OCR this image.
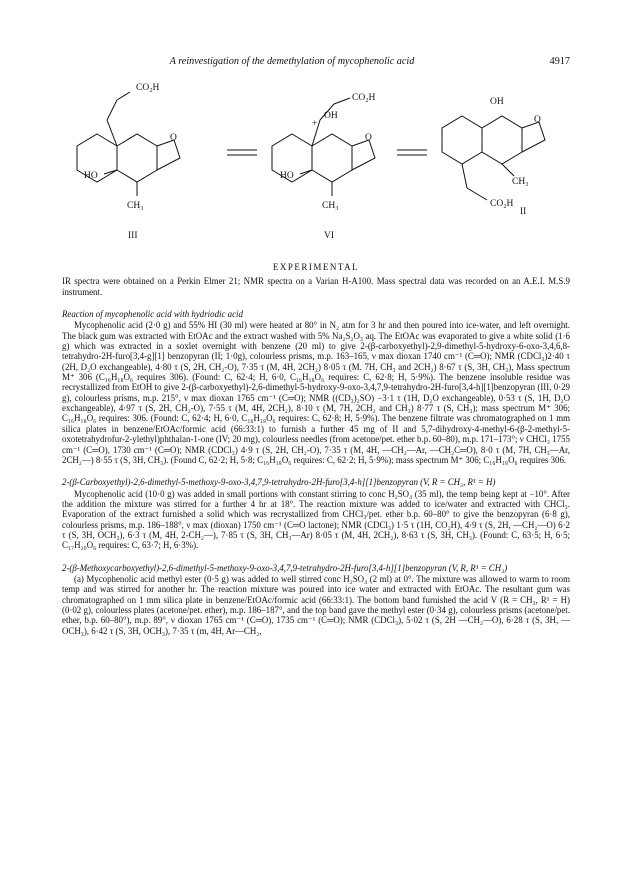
A reinvestigation of the demethylation of mycophenolic acid	4917
CO₂H
CO₂H
CO₂H
HO	HO
OH
OH
+
CH₃	CH₃
CH₃
O	O
O
III	VI
II
EXPERIMENTAL

IR spectra were obtained on a Perkin Elmer 21; NMR spectra on a Varian H-A100. Mass spectral data was recorded on an A.E.I. M.S.9 instrument.

Reaction of mycophenolic acid with hydriodic acid

Mycophenolic acid (2·0 g) and 55% HI (30 ml) were heated at 80° in N₂ atm for 3 hr and then poured into ice-water, and left overnight. The black gum was extracted with EtOAc and the extract washed with 5% Na₂S₂O₃ aq. The EtOAc was evaporated to give a white solid (1·6 g) which was extracted in a soxlet overnight with benzene (20 ml) to give 2-(β-carboxyethyl)-2,9-dimethyl-5-hydroxy-6-oxo-3,4,6,8-tetrahydro-2H-furo[3,4-g][1] benzopyran (II; 1·0g), colourless prisms, m.p. 163–165, ν max dioxan 1740 cm⁻¹ (C═O); NMR (CDCl₃)2·40 τ (2H, D₂O exchangeable), 4·80 τ (S, 2H, CH₂-O), 7·35 τ (M, 4H, 2CH₂) 8·05 τ (M. 7H, CH₃ and 2CH₂) 8·67 τ (S, 3H, CH₃), Mass spectrum M⁺ 306 (C₁₆H₁₈O₆ requires 306). (Found: C, 62·4; H, 6·0, C₁₆H₁₈O₆ requires: C, 62·8; H, 5·9%). The benzene insoluble residue was recrystallized from EtOH to give 2-(β-carboxyethyl)-2,6-dimethyl-5-hydroxy-9-oxo-3,4,7,9-tetrahydro-2H-furo[3,4-h][1]benzopyran (III, 0·29 g), colourless prisms, m.p. 215°, ν max dioxan 1765 cm⁻¹ (C═O); NMR ((CD₃)₂SO) −3·1 τ (1H, D₂O exchangeable), 0·53 τ (S, 1H, D₂O exchangeable), 4·97 τ (S, 2H, CH₂-O), 7·55 τ (M, 4H, 2CH₂), 8·10 τ (M, 7H, 2CH₂ and CH₃) 8·77 τ (S, CH₃); mass spectrum M⁺ 306; C₁₆H₁₈O₆ requires: 306. (Found: C, 62·4; H, 6·0, C₁₆H₁₈O₆ requires: C, 62·8; H, 5·9%). The benzene filtrate was chromatographed on 1 mm silica plates in benzene/EtOAc/formic acid (66:33:1) to furnish a further 45 mg of II and 5,7-dihydroxy-4-methyl-6-(β-2-methyl-5-oxotetrahydrofur-2-ylethyl)phthalan-1-one (IV; 20 mg), colourless needles (from acetone/pet. ether b.p. 60–80), m.p. 171–173°; ν CHCl₃ 1755 cm⁻¹ (C═O), 1730 cm⁻¹ (C═O); NMR (CDCl₃) 4·9 τ (S, 2H, CH₂-O), 7·35 τ (M, 4H, —CH₂—Ar, —CH₂C═O), 8·0 τ (M, 7H, CH₃—Ar, 2CH₂—) 8·55 τ (S, 3H, CH₃). (Found C, 62·2; H, 5·8; C₁₆H₁₈O₆ requires: C, 62·2; H, 5·9%); mass spectrum M⁺ 306; C₁₆H₁₈O₆ requires 306.

2-(β-Carboxyethyl)-2,6-dimethyl-5-methoxy-9-oxo-3,4,7,9-tetrahydro-2H-furo[3,4-h][1]benzopyran (V, R = CH₃, R¹ = H)

Mycophenolic acid (10·0 g) was added in small portions with constant stirring to conc H₂SO₄ (35 ml), the temp being kept at −10°. After the addition the mixture was stirred for a further 4 hr at 18°. The reaction mixture was added to ice/water and extracted with CHCl₃. Evaporation of the extract furnished a solid which was recrystallized from CHCl₃/pet. ether b.p. 60–80° to give the benzopyran (6·8 g), colourless prisms, m.p. 186–188°, ν max (dioxan) 1750 cm⁻¹ (C═O lactone); NMR (CDCl₃) 1·5 τ (1H, CO₂H), 4·9 τ (S, 2H, —CH₂—O) 6·2 τ (S, 3H, OCH₃), 6·3 τ (M, 4H, 2-CH₂—), 7·85 τ (S, 3H, CH₃—Ar) 8·05 τ (M, 4H, 2CH₂), 8·63 τ (S, 3H, CH₃). (Found: C, 63·5; H, 6·5; C₁₇H₂₀O₆ requires: C, 63·7; H, 6·3%).

2-(β-Methoxycarboxyethyl)-2,6-dimethyl-5-methoxy-9-oxo-3,4,7,9-tetrahydro-2H-furo[3,4-h][1]benzopyran (V, R, R¹ = CH₃)

(a) Mycophenolic acid methyl ester (0·5 g) was added to well stirred conc H₂SO₄ (2 ml) at 0°. The mixture was allowed to warm to room temp and was stirred for another hr. The reaction mixture was poured into ice water and extracted with EtOAc. The resultant gum was chromatographed on 1 mm silica plate in benzene/EtOAc/formic acid (66:33:1). The bottom band furnished the acid V (R = CH₃, R¹ = H) (0·02 g), colourless plates (acetone/pet. ether), m.p. 186–187°, and the top band gave the methyl ester (0·34 g), colourless prisms (acetone/pet. ether, b.p. 60–80°), m.p. 89°, ν dioxan 1765 cm⁻¹ (C═O), 1735 cm⁻¹ (C═O); NMR (CDCl₃), 5·02 τ (S, 2H —CH₂—O), 6·28 τ (S, 3H, —OCH₃), 6·42 τ (S, 3H, OCH₃), 7·35 τ (m, 4H, Ar—CH₂,
